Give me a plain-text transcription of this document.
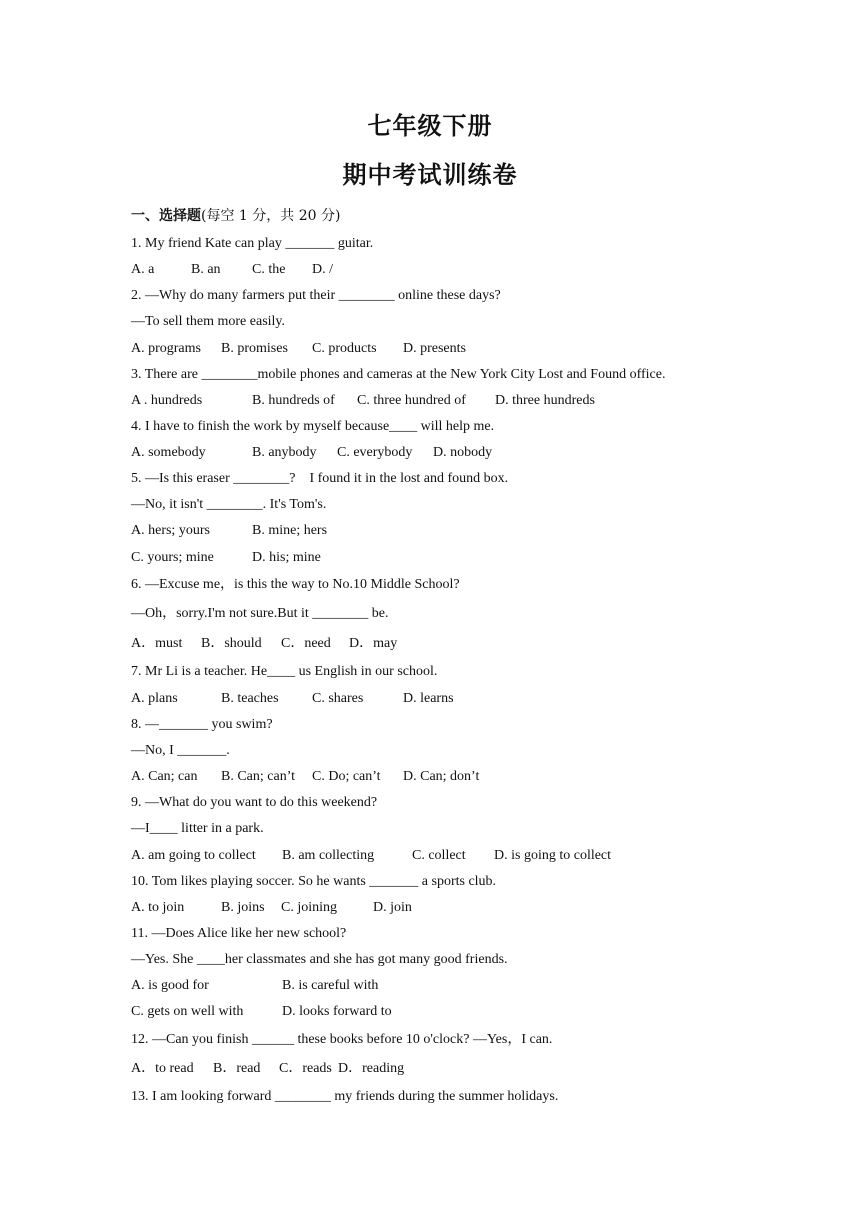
七年级下册
期中考试训练卷
一、选择题(每空 1 分，共 20 分)
1. My friend Kate can play _______ guitar.

A. a

	B. an

C. the

D. /

2. —Why do many farmers put their ________ online these days?
—To sell them more easily.

A. programs

B. promises

C. products

D. presents

3. There are ________mobile phones and cameras at the New York City Lost and Found office.

A . hundreds

	B. hundreds of

C. three hundred of

D. three hundreds

4. I have to finish the work by myself because____ will help me.

A. somebody

	B. anybody

C. everybody

D. nobody

5. —Is this eraser ________?    I found it in the lost and found box.
—No, it isn't ________. It's Tom's.

A. hers; yours

	B. mine; hers

C. yours; mine

	D. his; mine

6. —Excuse me，is this the way to No.10 Middle School?
—Oh，sorry.I'm not sure.But it ________ be.

A．must

B．should

C．need

D．may

7. Mr Li is a teacher. He____ us English in our school.

A. plans

	B. teaches

C. shares

	D. learns

8. —_______ you swim?
—No, I _______.

A. Can; can

B. Can; can’t

C. Do; can’t

D. Can; don’t

9. —What do you want to do this weekend?
—I____ litter in a park.

A. am going to collect

B. am collecting

	C. collect

D. is going to collect

10. Tom likes playing soccer. So he wants _______ a sports club.

A. to join

	B. joins

C. joining

	D. join

11. —Does Alice like her new school?
—Yes. She ____her classmates and she has got many good friends.

A. is good for

	B. is careful with

C. gets on well with

	D. looks forward to

12. —Can you finish ______ these books before 10 o'clock? —Yes，I can.

A．to read

B．read

C．reads

D．reading

13. I am looking forward ________ my friends during the summer holidays.
